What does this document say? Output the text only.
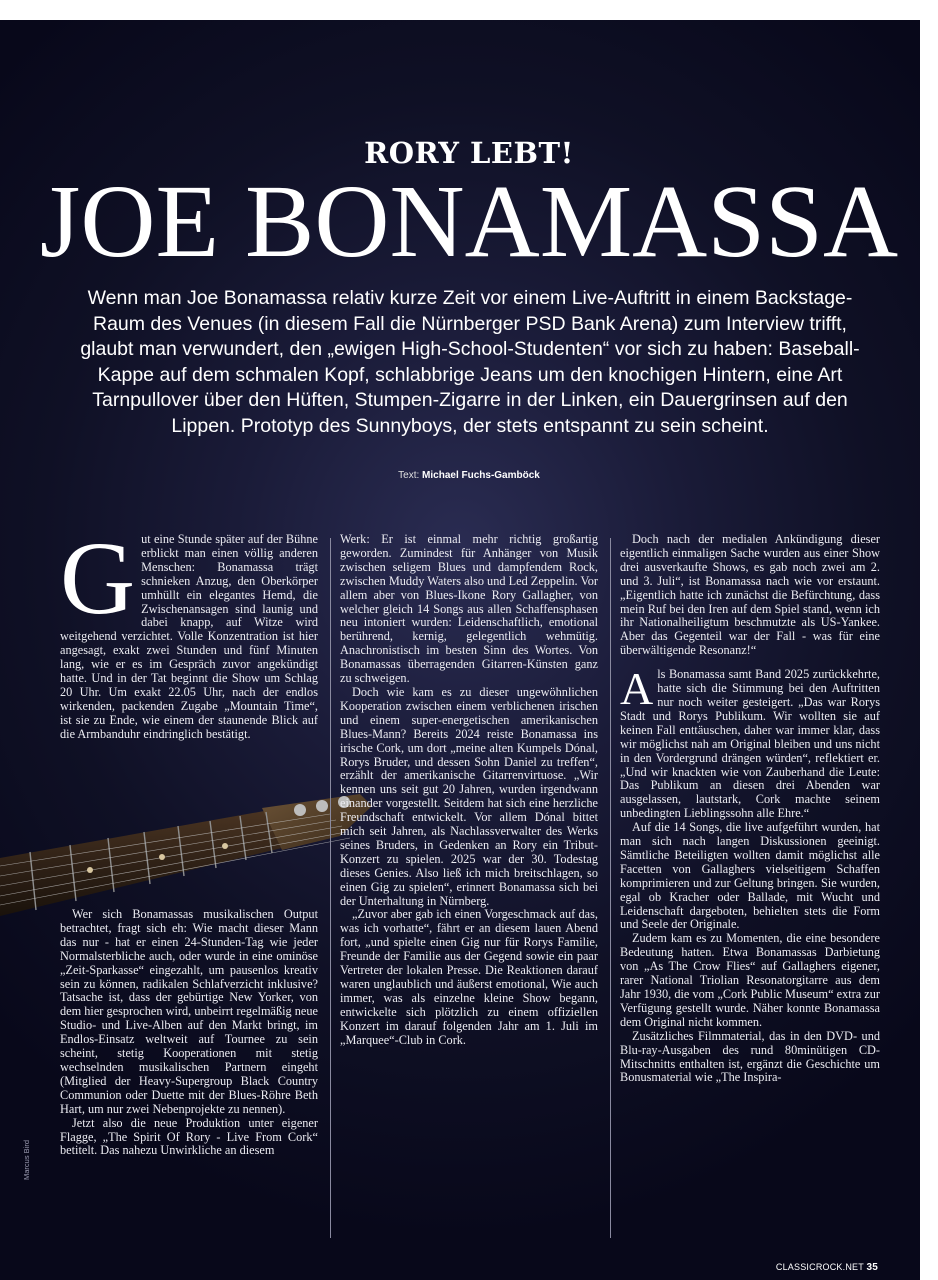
RORY LEBT!
JOE BONAMASSA
Wenn man Joe Bonamassa relativ kurze Zeit vor einem Live-Auftritt in einem Backstage-Raum des Venues (in diesem Fall die Nürnberger PSD Bank Arena) zum Interview trifft, glaubt man verwundert, den „ewigen High-School-Studenten“ vor sich zu haben: Baseball-Kappe auf dem schmalen Kopf, schlabbrige Jeans um den knochigen Hintern, eine Art Tarnpullover über den Hüften, Stumpen-Zigarre in der Linken, ein Dauergrinsen auf den Lippen. Prototyp des Sunnyboys, der stets entspannt zu sein scheint.
Text: Michael Fuchs-Gamböck
G ut eine Stunde später auf der Bühne erblickt man einen völlig anderen Menschen: Bonamassa trägt schnieken Anzug, den Oberkörper umhüllt ein elegantes Hemd, die Zwischenansagen sind launig und dabei knapp, auf Witze wird weitgehend verzichtet. Volle Konzentration ist hier angesagt, exakt zwei Stunden und fünf Minuten lang, wie er es im Gespräch zuvor angekündigt hatte. Und in der Tat beginnt die Show um Schlag 20 Uhr. Um exakt 22.05 Uhr, nach der endlos wirkenden, packenden Zugabe „Mountain Time“, ist sie zu Ende, wie einem der staunende Blick auf die Armbanduhr eindringlich bestätigt.

Wer sich Bonamassas musikalischen Output betrachtet, fragt sich eh: Wie macht dieser Mann das nur - hat er einen 24-Stunden-Tag wie jeder Normalsterbliche auch, oder wurde in eine ominöse „Zeit-Sparkasse“ eingezahlt, um pausenlos kreativ sein zu können, radikalen Schlafverzicht inklusive? Tatsache ist, dass der gebürtige New Yorker, von dem hier gesprochen wird, unbeirrt regelmäßig neue Studio- und Live-Alben auf den Markt bringt, im Endlos-Einsatz weltweit auf Tournee zu sein scheint, stetig Kooperationen mit stetig wechselnden musikalischen Partnern eingeht (Mitglied der Heavy-Supergroup Black Country Communion oder Duette mit der Blues-Röhre Beth Hart, um nur zwei Nebenprojekte zu nennen).

Jetzt also die neue Produktion unter eigener Flagge, „The Spirit Of Rory - Live From Cork“ betitelt. Das nahezu Unwirkliche an diesem

Werk: Er ist einmal mehr richtig großartig geworden. Zumindest für Anhänger von Musik zwischen seligem Blues und dampfendem Rock, zwischen Muddy Waters also und Led Zeppelin. Vor allem aber von Blues-Ikone Rory Gallagher, von welcher gleich 14 Songs aus allen Schaffensphasen neu intoniert wurden: Leidenschaftlich, emotional berührend, kernig, gelegentlich wehmütig. Anachronistisch im besten Sinn des Wortes. Von Bonamassas überragenden Gitarren-Künsten ganz zu schweigen.

Doch wie kam es zu dieser ungewöhnlichen Kooperation zwischen einem verblichenen irischen und einem super-energetischen amerikanischen Blues-Mann? Bereits 2024 reiste Bonamassa ins irische Cork, um dort „meine alten Kumpels Dónal, Rorys Bruder, und dessen Sohn Daniel zu treffen“, erzählt der amerikanische Gitarrenvirtuose. „Wir kennen uns seit gut 20 Jahren, wurden irgendwann einander vorgestellt. Seitdem hat sich eine herzliche Freundschaft entwickelt. Vor allem Dónal bittet mich seit Jahren, als Nachlassverwalter des Werks seines Bruders, in Gedenken an Rory ein Tribut-Konzert zu spielen. 2025 war der 30. Todestag dieses Genies. Also ließ ich mich breitschlagen, so einen Gig zu spielen“, erinnert Bonamassa sich bei der Unterhaltung in Nürnberg.

„Zuvor aber gab ich einen Vorgeschmack auf das, was ich vorhatte“, fährt er an diesem lauen Abend fort, „und spielte einen Gig nur für Rorys Familie, Freunde der Familie aus der Gegend sowie ein paar Vertreter der lokalen Presse. Die Reaktionen darauf waren unglaublich und äußerst emotional, Wie auch immer, was als einzelne kleine Show begann, entwickelte sich plötzlich zu einem offiziellen Konzert im darauf folgenden Jahr am 1. Juli im „Marquee“-Club in Cork.

Doch nach der medialen Ankündigung dieser eigentlich einmaligen Sache wurden aus einer Show drei ausverkaufte Shows, es gab noch zwei am 2. und 3. Juli“, ist Bonamassa nach wie vor erstaunt. „Eigentlich hatte ich zunächst die Befürchtung, dass mein Ruf bei den Iren auf dem Spiel stand, wenn ich ihr Nationalheiligtum beschmutzte als US-Yankee. Aber das Gegenteil war der Fall - was für eine überwältigende Resonanz!“

A ls Bonamassa samt Band 2025 zurückkehrte, hatte sich die Stimmung bei den Auftritten nur noch weiter gesteigert. „Das war Rorys Stadt und Rorys Publikum. Wir wollten sie auf keinen Fall enttäuschen, daher war immer klar, dass wir möglichst nah am Original bleiben und uns nicht in den Vordergrund drängen würden“, reflektiert er. „Und wir knackten wie von Zauberhand die Leute: Das Publikum an diesen drei Abenden war ausgelassen, lautstark, Cork machte seinem unbedingten Lieblingssohn alle Ehre.“

Auf die 14 Songs, die live aufgeführt wurden, hat man sich nach langen Diskussionen geeinigt. Sämtliche Beteiligten wollten damit möglichst alle Facetten von Gallaghers vielseitigem Schaffen komprimieren und zur Geltung bringen. Sie wurden, egal ob Kracher oder Ballade, mit Wucht und Leidenschaft dargeboten, behielten stets die Form und Seele der Originale.

Zudem kam es zu Momenten, die eine besondere Bedeutung hatten. Etwa Bonamassas Darbietung von „As The Crow Flies“ auf Gallaghers eigener, rarer National Triolian Resonatorgitarre aus dem Jahr 1930, die vom „Cork Public Museum“ extra zur Verfügung gestellt wurde. Näher konnte Bonamassa dem Original nicht kommen.

Zusätzliches Filmmaterial, das in den DVD- und Blu-ray-Ausgaben des rund 80minütigen CD-Mitschnitts enthalten ist, ergänzt die Geschichte um Bonusmaterial wie „The Inspira-

Marcus Bird
CLASSICROCK.NET 35
